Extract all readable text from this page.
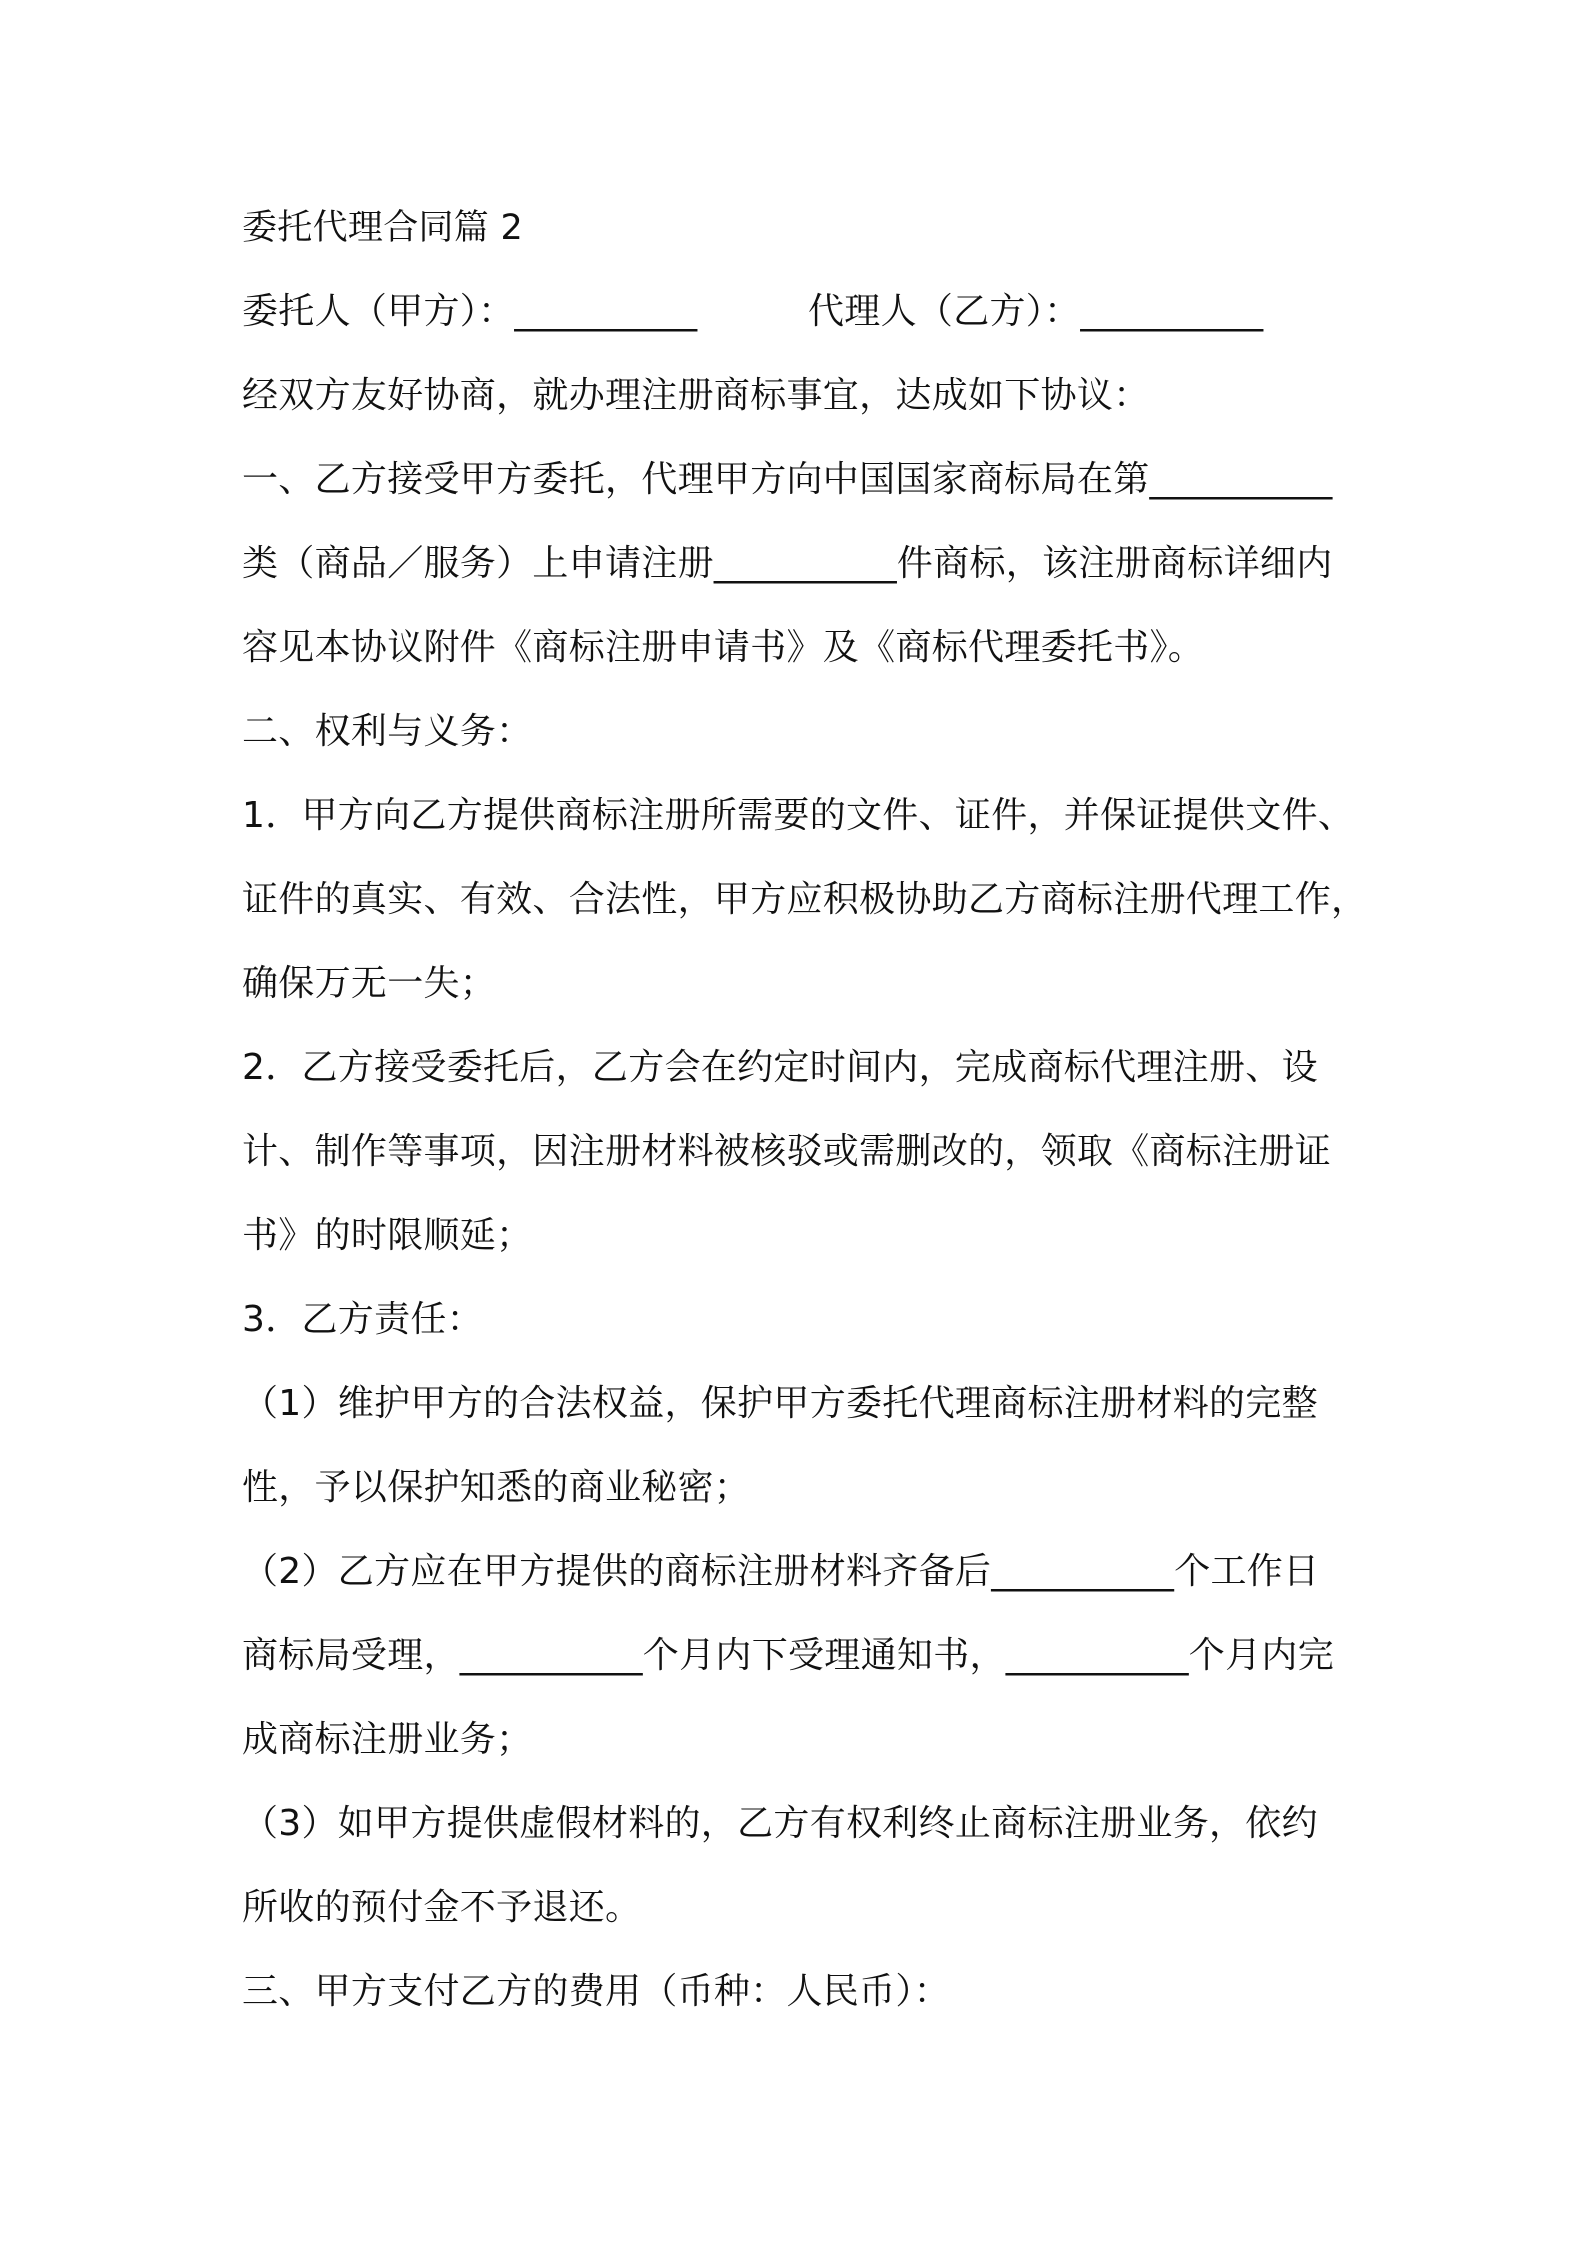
委托代理合同篇 2
委托人（甲方）：__________	代理人（乙方）：__________
经双方友好协商，就办理注册商标事宜，达成如下协议：
一、乙方接受甲方委托，代理甲方向中国国家商标局在第__________
类（商品／服务）上申请注册__________件商标，该注册商标详细内
容见本协议附件《商标注册申请书》及《商标代理委托书》。
二、权利与义务：
1．甲方向乙方提供商标注册所需要的文件、证件，并保证提供文件、
证件的真实、有效、合法性，甲方应积极协助乙方商标注册代理工作，
确保万无一失；
2．乙方接受委托后，乙方会在约定时间内，完成商标代理注册、设
计、制作等事项，因注册材料被核驳或需删改的，领取《商标注册证
书》的时限顺延；
3．乙方责任：
（1）维护甲方的合法权益，保护甲方委托代理商标注册材料的完整
性，予以保护知悉的商业秘密；
（2）乙方应在甲方提供的商标注册材料齐备后__________个工作日
商标局受理，__________个月内下受理通知书，__________个月内完
成商标注册业务；
（3）如甲方提供虚假材料的，乙方有权利终止商标注册业务，依约
所收的预付金不予退还。
三、甲方支付乙方的费用（币种：人民币）：
